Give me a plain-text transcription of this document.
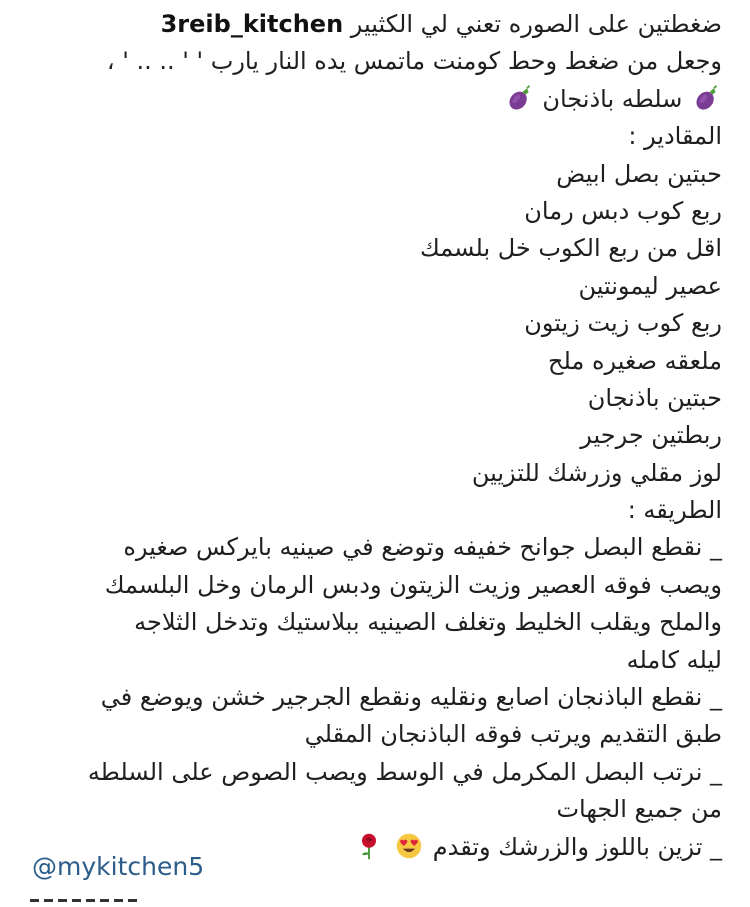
ضغطتين على الصوره تعني لي الكثيير 3reib_kitchen
وجعل من ضغط وحط كومنت ماتمس يده النار يارب ' ' .. .. ' ،
سلطه باذنجان
المقادير :
حبتين بصل ابيض
ربع كوب دبس رمان
اقل من ربع الكوب خل بلسمك
عصير ليمونتين
ربع كوب زيت زيتون
ملعقه صغيره ملح
حبتين باذنجان
ربطتين جرجير
لوز مقلي وزرشك للتزيين
الطريقه :
_ نقطع البصل جوانح خفيفه وتوضع في صينيه بايركس صغيره
ويصب فوقه العصير وزيت الزيتون ودبس الرمان وخل البلسمك
والملح ويقلب الخليط وتغلف الصينيه ببلاستيك وتدخل الثلاجه
ليله كامله
_ نقطع الباذنجان اصابع ونقليه ونقطع الجرجير خشن ويوضع في
طبق التقديم ويرتب فوقه الباذنجان المقلي
_ نرتب البصل المكرمل في الوسط ويصب الصوص على السلطه
من جميع الجهات
_ تزين باللوز والزرشك وتقدم
@mykitchen5
